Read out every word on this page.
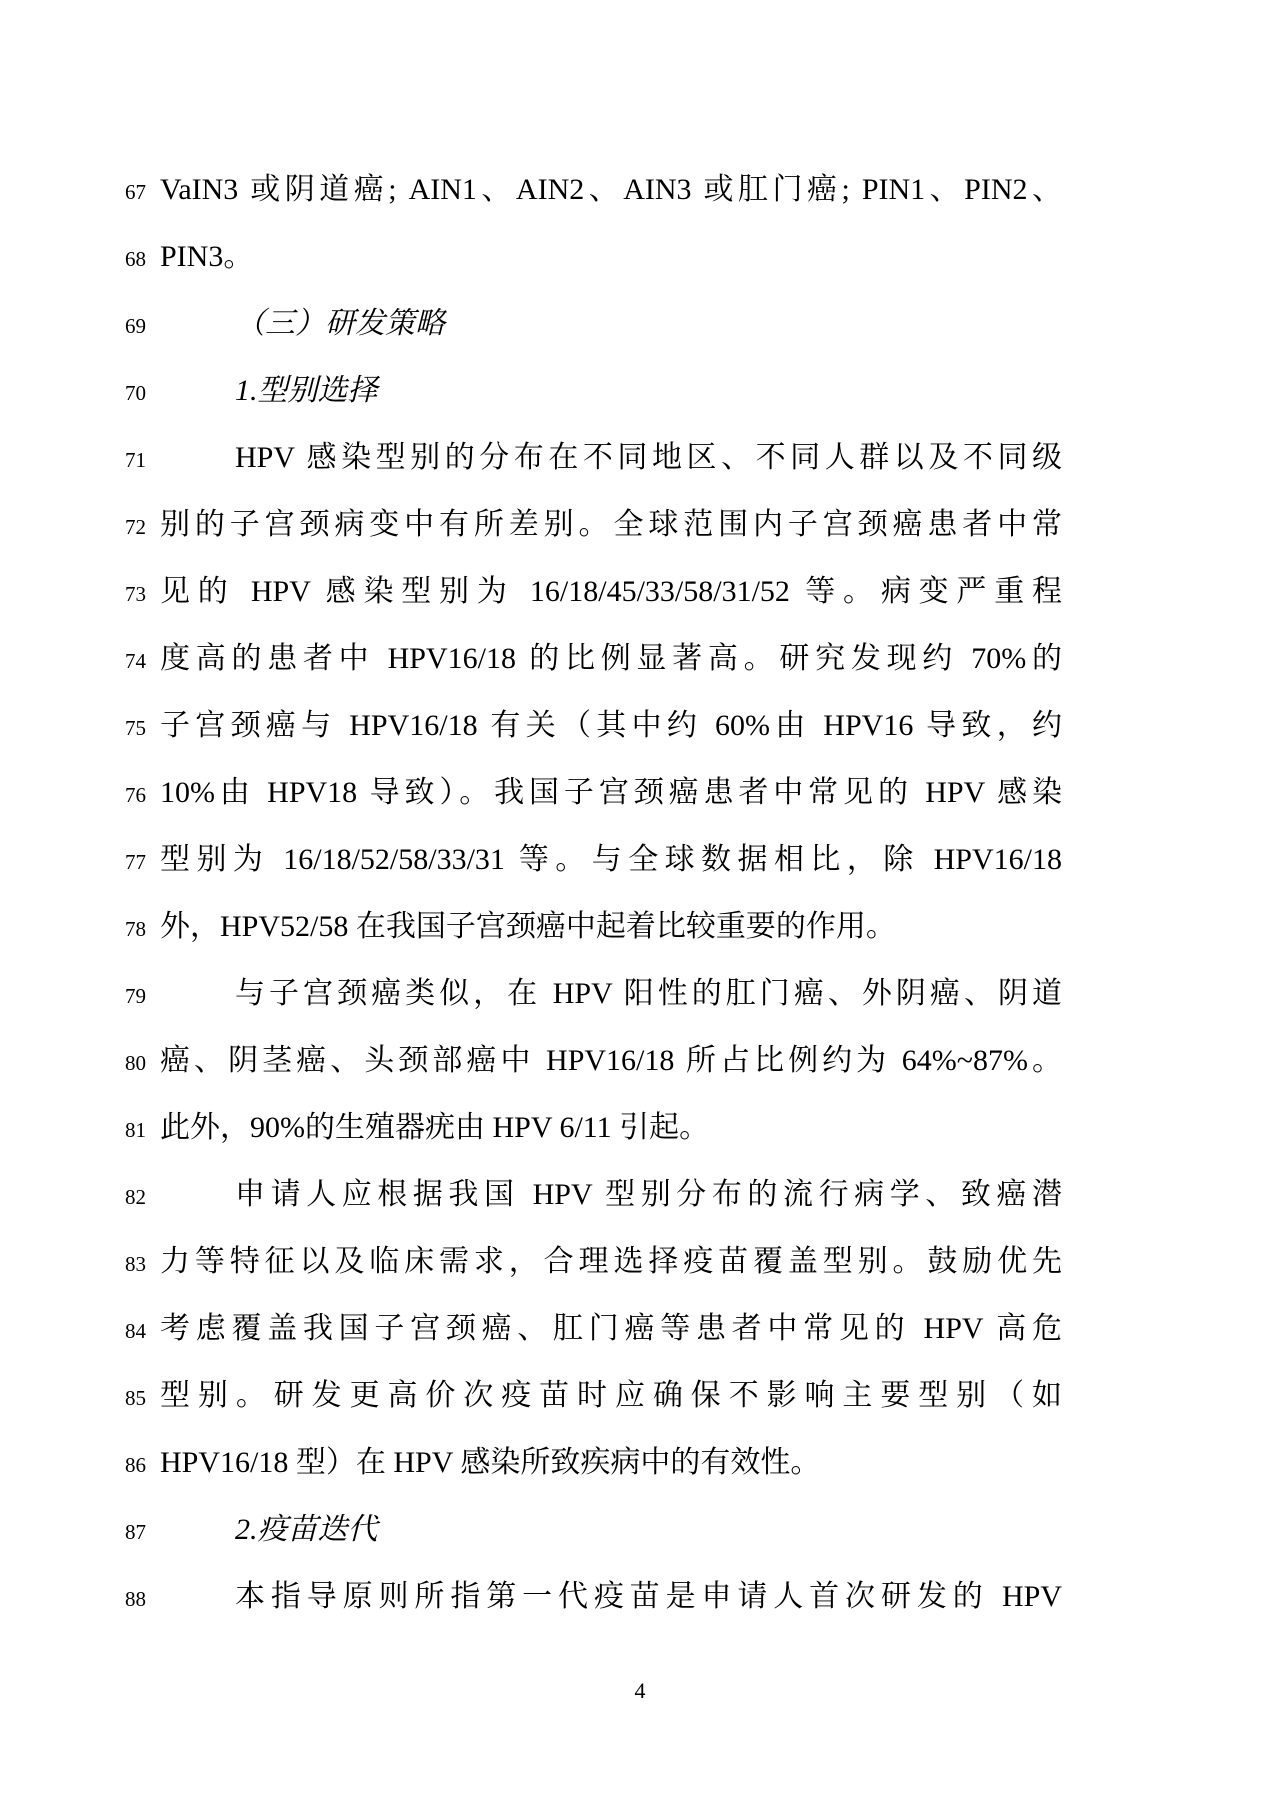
67 VaIN3 或阴道癌; AIN1、AIN2、AIN3 或肛门癌; PIN1、PIN2、
68 PIN3。
69	（三）研发策略
70	1.型别选择
71	HPV 感染型别的分布在不同地区、不同人群以及不同级
72 别的子宫颈病变中有所差别。全球范围内子宫颈癌患者中常
73 见的 HPV 感染型别为 16/18/45/33/58/31/52 等。病变严重程
74 度高的患者中 HPV16/18 的比例显著高。研究发现约 70%的
75 子宫颈癌与 HPV16/18 有关（其中约 60%由 HPV16 导致，约
76 10%由 HPV18 导致）。我国子宫颈癌患者中常见的 HPV 感染
77 型别为 16/18/52/58/33/31 等。与全球数据相比，除 HPV16/18
78 外，HPV52/58 在我国子宫颈癌中起着比较重要的作用。
79	与子宫颈癌类似，在 HPV 阳性的肛门癌、外阴癌、阴道
80 癌、阴茎癌、头颈部癌中 HPV16/18 所占比例约为 64%~87%。
81 此外，90%的生殖器疣由 HPV 6/11 引起。
82	申请人应根据我国 HPV 型别分布的流行病学、致癌潜
83 力等特征以及临床需求，合理选择疫苗覆盖型别。鼓励优先
84 考虑覆盖我国子宫颈癌、肛门癌等患者中常见的 HPV 高危
85 型别。研发更高价次疫苗时应确保不影响主要型别（如
86 HPV16/18 型）在 HPV 感染所致疾病中的有效性。
87	2.疫苗迭代
88	本指导原则所指第一代疫苗是申请人首次研发的 HPV
4
